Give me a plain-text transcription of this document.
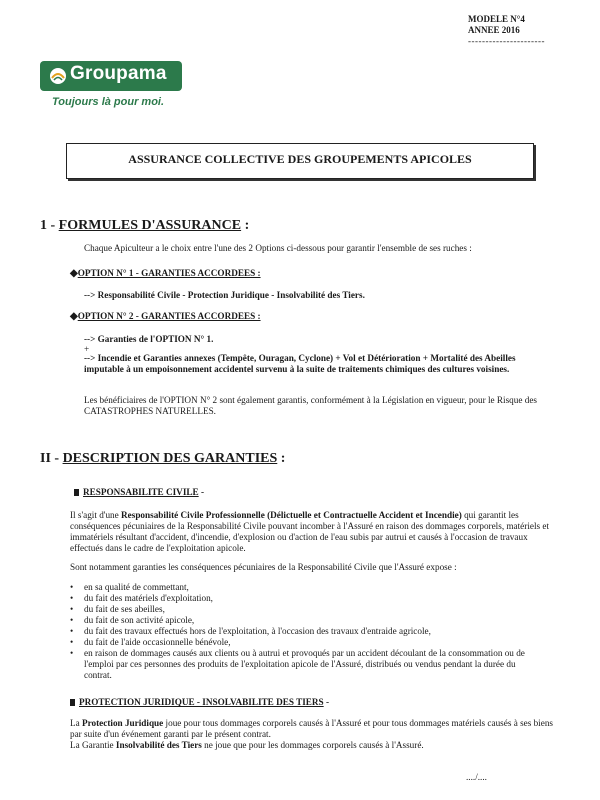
MODELE N°4
ANNEE 2016
----------------------
Groupama
Toujours là pour moi.
ASSURANCE COLLECTIVE DES GROUPEMENTS APICOLES
1 - FORMULES D'ASSURANCE :
Chaque Apiculteur a le choix entre l'une des 2 Options ci-dessous pour garantir l'ensemble de ses ruches :
◆OPTION N° 1 - GARANTIES ACCORDEES :
--> Responsabilité Civile - Protection Juridique - Insolvabilité des Tiers.
◆OPTION N° 2 - GARANTIES ACCORDEES :
--> Garanties de l'OPTION N° 1.
+
--> Incendie et Garanties annexes (Tempête, Ouragan, Cyclone) + Vol et Détérioration + Mortalité des Abeilles imputable à un empoisonnement accidentel survenu à la suite de traitements chimiques des cultures voisines.
Les bénéficiaires de l'OPTION N° 2 sont également garantis, conformément à la Législation en vigueur, pour le Risque des CATASTROPHES NATURELLES.
II - DESCRIPTION DES GARANTIES :
RESPONSABILITE CIVILE -
Il s'agit d'une Responsabilité Civile Professionnelle (Délictuelle et Contractuelle Accident et Incendie) qui garantit les conséquences pécuniaires de la Responsabilité Civile pouvant incomber à l'Assuré en raison des dommages corporels, matériels et immatériels résultant d'accident, d'incendie, d'explosion ou d'action de l'eau subis par autrui et causés à l'occasion de travaux effectués dans le cadre de l'exploitation apicole.
Sont notamment garanties les conséquences pécuniaires de la Responsabilité Civile que l'Assuré expose :
• en sa qualité de commettant,
• du fait des matériels d'exploitation,
• du fait de ses abeilles,
• du fait de son activité apicole,
• du fait des travaux effectués hors de l'exploitation, à l'occasion des travaux d'entraide agricole,
• du fait de l'aide occasionnelle bénévole,
• en raison de dommages causés aux clients ou à autrui et provoqués par un accident découlant de la consommation ou de l'emploi par ces personnes des produits de l'exploitation apicole de l'Assuré, distribués ou vendus pendant la durée du contrat.
PROTECTION JURIDIQUE - INSOLVABILITE DES TIERS -
La Protection Juridique joue pour tous dommages corporels causés à l'Assuré et pour tous dommages matériels causés à ses biens par suite d'un événement garanti par le présent contrat.
La Garantie Insolvabilité des Tiers ne joue que pour les dommages corporels causés à l'Assuré.
..../....
